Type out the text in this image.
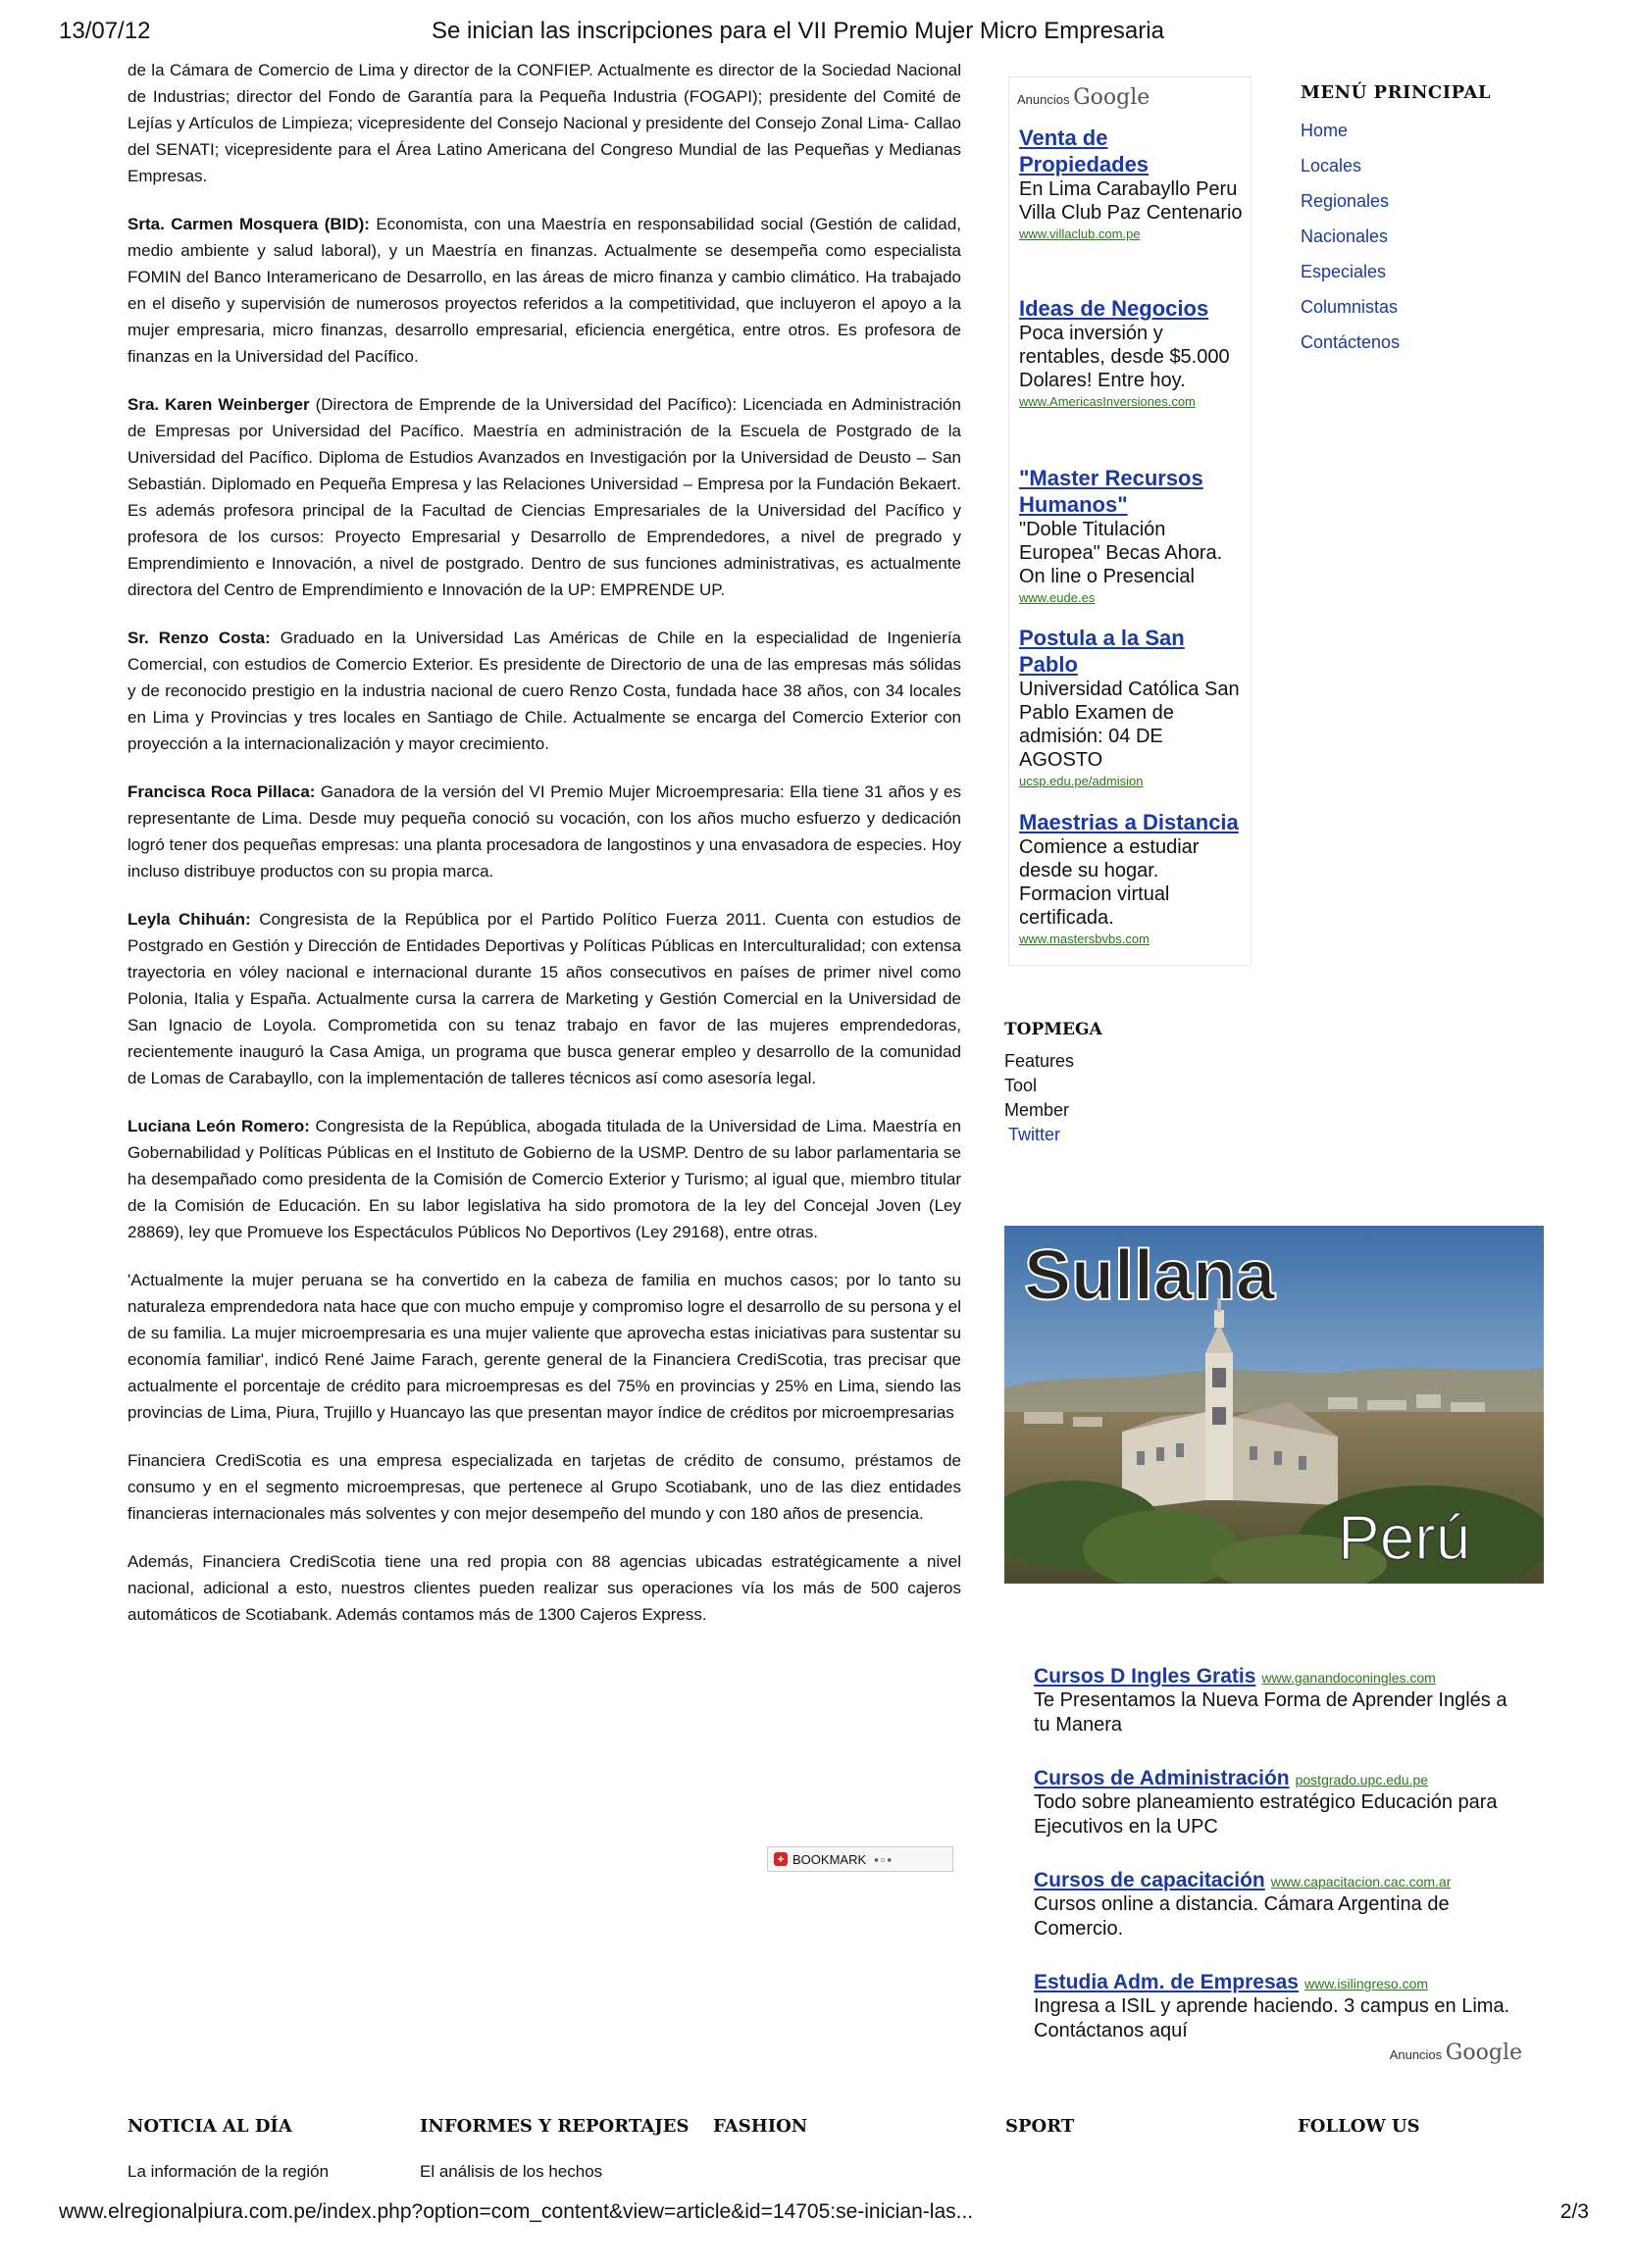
13/07/12	Se inician las inscripciones para el VII Premio Mujer Micro Empresaria

de la Cámara de Comercio de Lima y director de la CONFIEP. Actualmente es director de la Sociedad Nacional de Industrias; director del Fondo de Garantía para la Pequeña Industria (FOGAPI); presidente del Comité de Lejías y Artículos de Limpieza; vicepresidente del Consejo Nacional y presidente del Consejo Zonal Lima- Callao del SENATI; vicepresidente para el Área Latino Americana del Congreso Mundial de las Pequeñas y Medianas Empresas.

Srta. Carmen Mosquera (BID): Economista, con una Maestría en responsabilidad social (Gestión de calidad, medio ambiente y salud laboral), y un Maestría en finanzas. Actualmente se desempeña como especialista FOMIN del Banco Interamericano de Desarrollo, en las áreas de micro finanza y cambio climático. Ha trabajado en el diseño y supervisión de numerosos proyectos referidos a la competitividad, que incluyeron el apoyo a la mujer empresaria, micro finanzas, desarrollo empresarial, eficiencia energética, entre otros. Es profesora de finanzas en la Universidad del Pacífico.

Sra. Karen Weinberger (Directora de Emprende de la Universidad del Pacífico): Licenciada en Administración de Empresas por Universidad del Pacífico. Maestría en administración de la Escuela de Postgrado de la Universidad del Pacífico. Diploma de Estudios Avanzados en Investigación por la Universidad de Deusto – San Sebastián. Diplomado en Pequeña Empresa y las Relaciones Universidad – Empresa por la Fundación Bekaert. Es además profesora principal de la Facultad de Ciencias Empresariales de la Universidad del Pacífico y profesora de los cursos: Proyecto Empresarial y Desarrollo de Emprendedores, a nivel de pregrado y Emprendimiento e Innovación, a nivel de postgrado. Dentro de sus funciones administrativas, es actualmente directora del Centro de Emprendimiento e Innovación de la UP: EMPRENDE UP.

Sr. Renzo Costa: Graduado en la Universidad Las Américas de Chile en la especialidad de Ingeniería Comercial, con estudios de Comercio Exterior. Es presidente de Directorio de una de las empresas más sólidas y de reconocido prestigio en la industria nacional de cuero Renzo Costa, fundada hace 38 años, con 34 locales en Lima y Provincias y tres locales en Santiago de Chile. Actualmente se encarga del Comercio Exterior con proyección a la internacionalización y mayor crecimiento.

Francisca Roca Pillaca: Ganadora de la versión del VI Premio Mujer Microempresaria: Ella tiene 31 años y es representante de Lima. Desde muy pequeña conoció su vocación, con los años mucho esfuerzo y dedicación logró tener dos pequeñas empresas: una planta procesadora de langostinos y una envasadora de especies. Hoy incluso distribuye productos con su propia marca.

Leyla Chihuán: Congresista de la República por el Partido Político Fuerza 2011. Cuenta con estudios de Postgrado en Gestión y Dirección de Entidades Deportivas y Políticas Públicas en Interculturalidad; con extensa trayectoria en vóley nacional e internacional durante 15 años consecutivos en países de primer nivel como Polonia, Italia y España. Actualmente cursa la carrera de Marketing y Gestión Comercial en la Universidad de San Ignacio de Loyola. Comprometida con su tenaz trabajo en favor de las mujeres emprendedoras, recientemente inauguró la Casa Amiga, un programa que busca generar empleo y desarrollo de la comunidad de Lomas de Carabayllo, con la implementación de talleres técnicos así como asesoría legal.

Luciana León Romero: Congresista de la República, abogada titulada de la Universidad de Lima. Maestría en Gobernabilidad y Políticas Públicas en el Instituto de Gobierno de la USMP. Dentro de su labor parlamentaria se ha desempañado como presidenta de la Comisión de Comercio Exterior y Turismo; al igual que, miembro titular de la Comisión de Educación. En su labor legislativa ha sido promotora de la ley del Concejal Joven (Ley 28869), ley que Promueve los Espectáculos Públicos No Deportivos (Ley 29168), entre otras.

'Actualmente la mujer peruana se ha convertido en la cabeza de familia en muchos casos; por lo tanto su naturaleza emprendedora nata hace que con mucho empuje y compromiso logre el desarrollo de su persona y el de su familia. La mujer microempresaria es una mujer valiente que aprovecha estas iniciativas para sustentar su economía familiar', indicó René Jaime Farach, gerente general de la Financiera CrediScotia, tras precisar que actualmente el porcentaje de crédito para microempresas es del 75% en provincias y 25% en Lima, siendo las provincias de Lima, Piura, Trujillo y Huancayo las que presentan mayor índice de créditos por microempresarias

Financiera CrediScotia es una empresa especializada en tarjetas de crédito de consumo, préstamos de consumo y en el segmento microempresas, que pertenece al Grupo Scotiabank, uno de las diez entidades financieras internacionales más solventes y con mejor desempeño del mundo y con 180 años de presencia.

Además, Financiera CrediScotia tiene una red propia con 88 agencias ubicadas estratégicamente a nivel nacional, adicional a esto, nuestros clientes pueden realizar sus operaciones vía los más de 500 cajeros automáticos de Scotiabank. Además contamos más de 1300 Cajeros Express.

+ BOOKMARK ▪▫▪
Anuncios Google
Venta de Propiedades
En Lima Carabayllo Peru Villa Club Paz Centenario
www.villaclub.com.pe
Ideas de Negocios
Poca inversión y rentables, desde $5.000 Dolares! Entre hoy.
www.AmericasInversiones.com
"Master Recursos Humanos"
"Doble Titulación Europea" Becas Ahora. On line o Presencial
www.eude.es
Postula a la San Pablo
Universidad Católica San Pablo Examen de admisión: 04 DE AGOSTO
ucsp.edu.pe/admision
Maestrias a Distancia
Comience a estudiar desde su hogar. Formacion virtual certificada.
www.mastersbvbs.com
MENÚ PRINCIPAL
Home
Locales
Regionales
Nacionales
Especiales
Columnistas
Contáctenos
TOPMEGA
Features
Tool
Member
Twitter
Sullana
Perú
Cursos D Ingles Gratis www.ganandoconingles.com
Te Presentamos la Nueva Forma de Aprender Inglés a tu Manera
Cursos de Administración postgrado.upc.edu.pe
Todo sobre planeamiento estratégico Educación para Ejecutivos en la UPC
Cursos de capacitación www.capacitacion.cac.com.ar
Cursos online a distancia. Cámara Argentina de Comercio.
Estudia Adm. de Empresas www.isilingreso.com
Ingresa a ISIL y aprende haciendo. 3 campus en Lima. Contáctanos aquí
Anuncios Google
NOTICIA AL DÍA	INFORMES Y REPORTAJES FASHION	SPORT	FOLLOW US
La información de la región	El análisis de los hechos
www.elregionalpiura.com.pe/index.php?option=com_content&view=article&id=14705:se-inician-las...	2/3
